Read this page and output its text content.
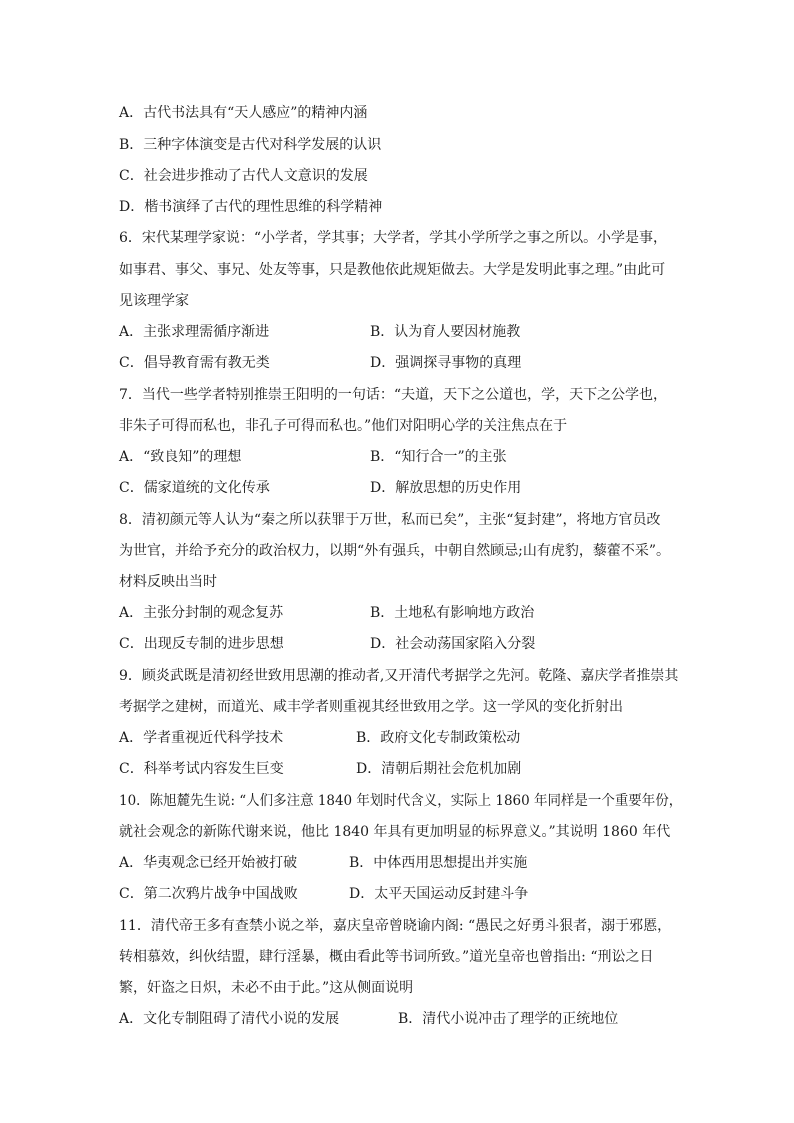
A．古代书法具有“天人感应”的精神内涵
B．三种字体演变是古代对科学发展的认识
C．社会进步推动了古代人文意识的发展
D．楷书演绎了古代的理性思维的科学精神
6．宋代某理学家说：“小学者，学其事；大学者，学其小学所学之事之所以。小学是事，
如事君、事父、事兄、处友等事，只是教他依此规矩做去。大学是发明此事之理。”由此可
见该理学家
A．主张求理需循序渐进	B．认为育人要因材施教
C．倡导教育需有教无类	D．强调探寻事物的真理
7．当代一些学者特别推崇王阳明的一句话：“夫道，天下之公道也，学，天下之公学也，
非朱子可得而私也，非孔子可得而私也。”他们对阳明心学的关注焦点在于
A．“致良知”的理想	B．“知行合一”的主张
C．儒家道统的文化传承	D．解放思想的历史作用
8．清初颜元等人认为“秦之所以获罪于万世，私而已矣”，主张“复封建”，将地方官员改
为世官，并给予充分的政治权力，以期“外有强兵，中朝自然顾忌;山有虎豹，藜藿不采”。
材料反映出当时
A．主张分封制的观念复苏	B．土地私有影响地方政治
C．出现反专制的进步思想	D．社会动荡国家陷入分裂
9．顾炎武既是清初经世致用思潮的推动者,又开清代考据学之先河。乾隆、嘉庆学者推崇其
考据学之建树，而道光、咸丰学者则重视其经世致用之学。这一学风的变化折射出
A．学者重视近代科学技术	B．政府文化专制政策松动
C．科举考试内容发生巨变	D．清朝后期社会危机加剧
10．陈旭麓先生说: “人们多注意 1840 年划时代含义，实际上 1860 年同样是一个重要年份，
就社会观念的新陈代谢来说，他比 1840 年具有更加明显的标界意义。”其说明 1860 年代
A．华夷观念已经开始被打破	B．中体西用思想提出并实施
C．第二次鸦片战争中国战败	D．太平天国运动反封建斗争
11．清代帝王多有查禁小说之举，嘉庆皇帝曾晓谕内阁: “愚民之好勇斗狠者，溺于邪慝，
转相慕效，纠伙结盟，肆行淫暴，概由看此等书词所致。”道光皇帝也曾指出: “刑讼之日
繁，奸盗之日炽，未必不由于此。”这从侧面说明
A．文化专制阻碍了清代小说的发展	B．清代小说冲击了理学的正统地位
